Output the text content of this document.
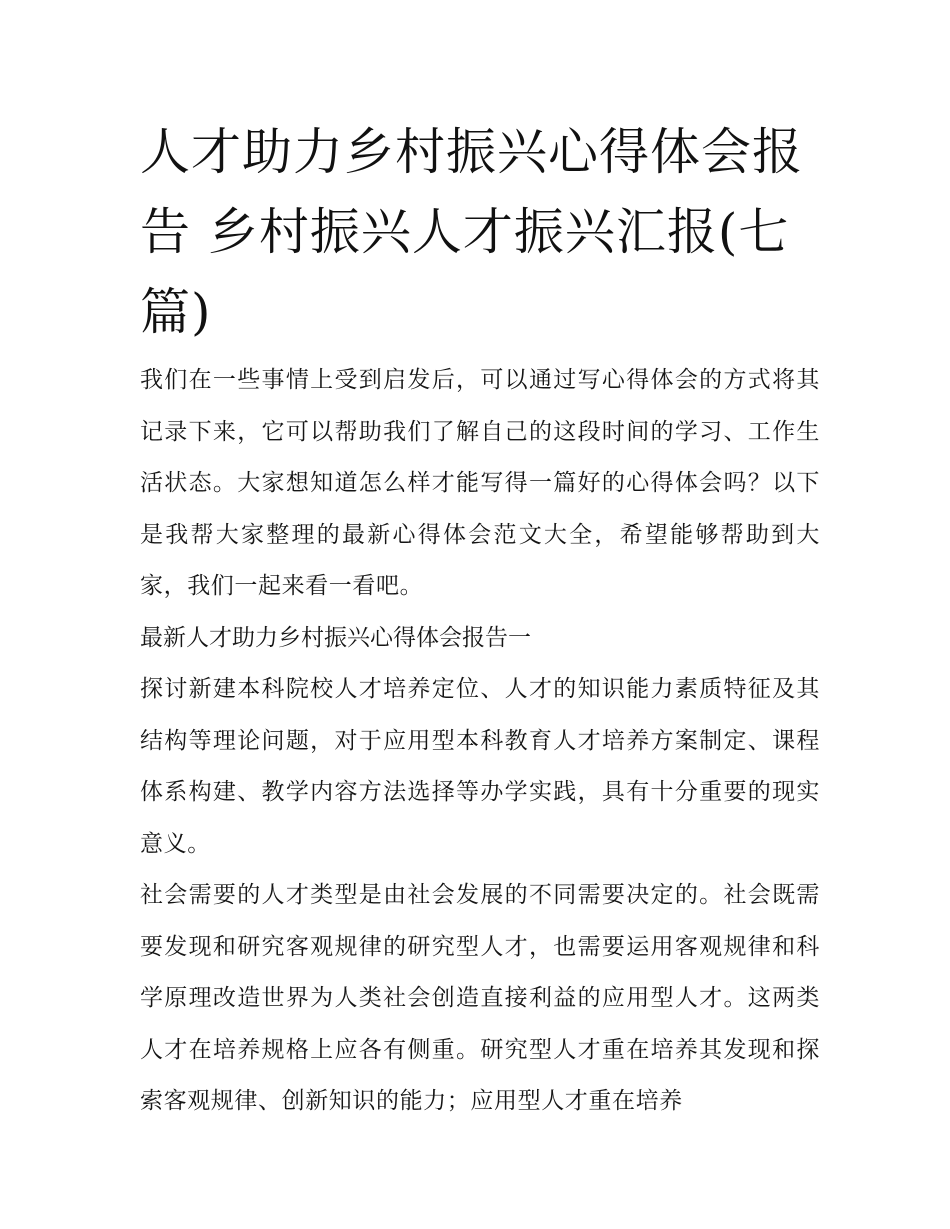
人才助力乡村振兴心得体会报告 乡村振兴人才振兴汇报(七篇)

我们在一些事情上受到启发后，可以通过写心得体会的方式将其记录下来，它可以帮助我们了解自己的这段时间的学习、工作生活状态。大家想知道怎么样才能写得一篇好的心得体会吗？以下是我帮大家整理的最新心得体会范文大全，希望能够帮助到大家，我们一起来看一看吧。

最新人才助力乡村振兴心得体会报告一

探讨新建本科院校人才培养定位、人才的知识能力素质特征及其结构等理论问题，对于应用型本科教育人才培养方案制定、课程体系构建、教学内容方法选择等办学实践，具有十分重要的现实意义。

社会需要的人才类型是由社会发展的不同需要决定的。社会既需要发现和研究客观规律的研究型人才，也需要运用客观规律和科学原理改造世界为人类社会创造直接利益的应用型人才。这两类人才在培养规格上应各有侧重。研究型人才重在培养其发现和探索客观规律、创新知识的能力；应用型人才重在培养
